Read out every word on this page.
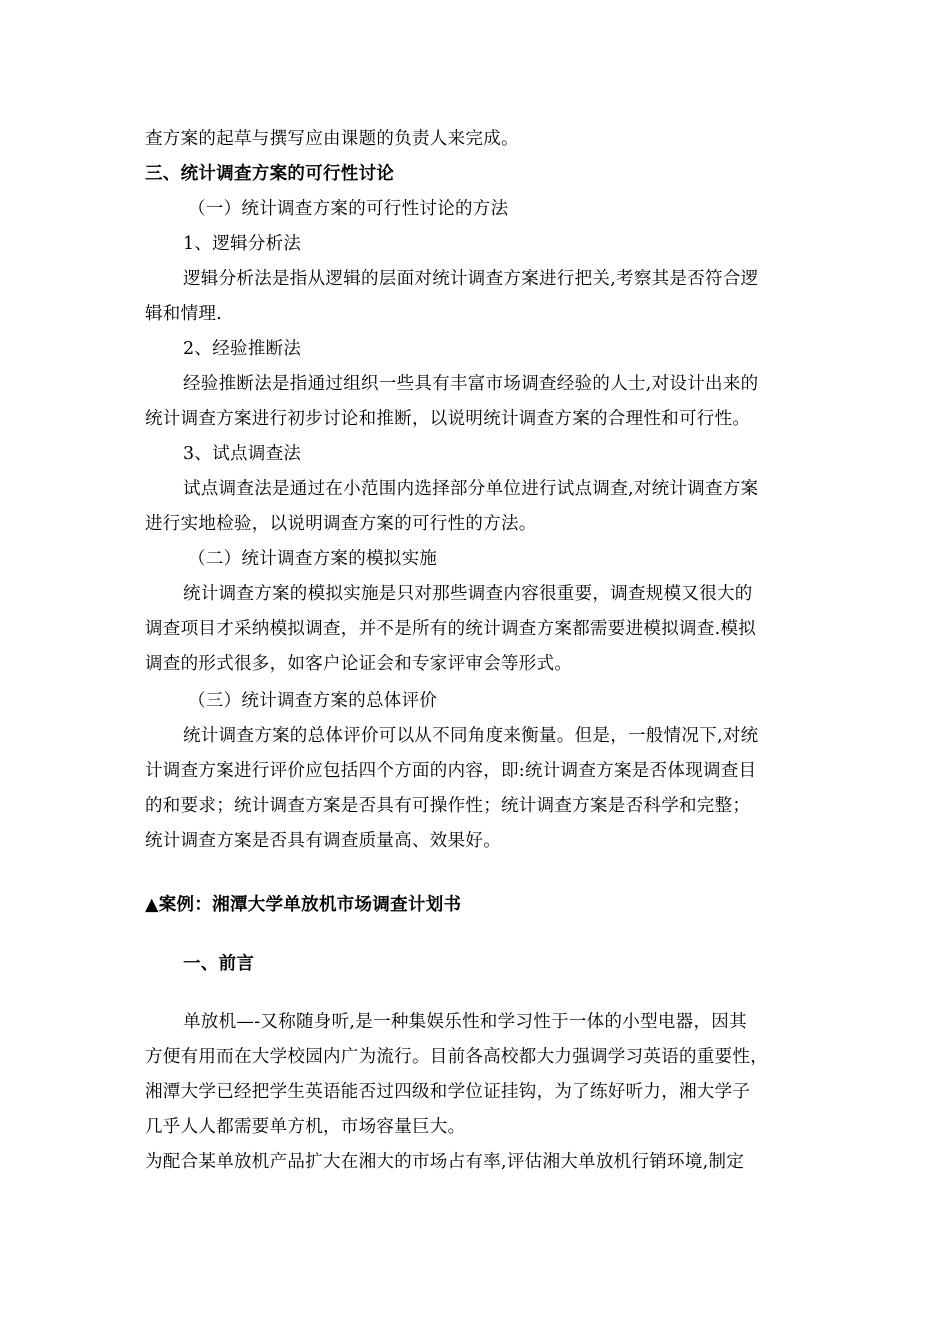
查方案的起草与撰写应由课题的负责人来完成。
三、统计调查方案的可行性讨论
（一）统计调查方案的可行性讨论的方法
1、逻辑分析法
逻辑分析法是指从逻辑的层面对统计调查方案进行把关,考察其是否符合逻
辑和情理.
2、经验推断法
经验推断法是指通过组织一些具有丰富市场调查经验的人士,对设计出来的
统计调查方案进行初步讨论和推断，以说明统计调查方案的合理性和可行性。
3、试点调查法
试点调查法是通过在小范围内选择部分单位进行试点调查,对统计调查方案
进行实地检验，以说明调查方案的可行性的方法。
（二）统计调查方案的模拟实施
统计调查方案的模拟实施是只对那些调查内容很重要，调查规模又很大的
调查项目才采纳模拟调查，并不是所有的统计调查方案都需要进模拟调查.模拟
调查的形式很多，如客户论证会和专家评审会等形式。
（三）统计调查方案的总体评价
统计调查方案的总体评价可以从不同角度来衡量。但是，一般情况下,对统
计调查方案进行评价应包括四个方面的内容，即:统计调查方案是否体现调查目
的和要求；统计调查方案是否具有可操作性；统计调查方案是否科学和完整；
统计调查方案是否具有调查质量高、效果好。
▲案例：湘潭大学单放机市场调查计划书
一、前言
单放机—-又称随身听,是一种集娱乐性和学习性于一体的小型电器，因其
方便有用而在大学校园内广为流行。目前各高校都大力强调学习英语的重要性，
湘潭大学已经把学生英语能否过四级和学位证挂钩，为了练好听力，湘大学子
几乎人人都需要单方机，市场容量巨大。
为配合某单放机产品扩大在湘大的市场占有率,评估湘大单放机行销环境,制定
